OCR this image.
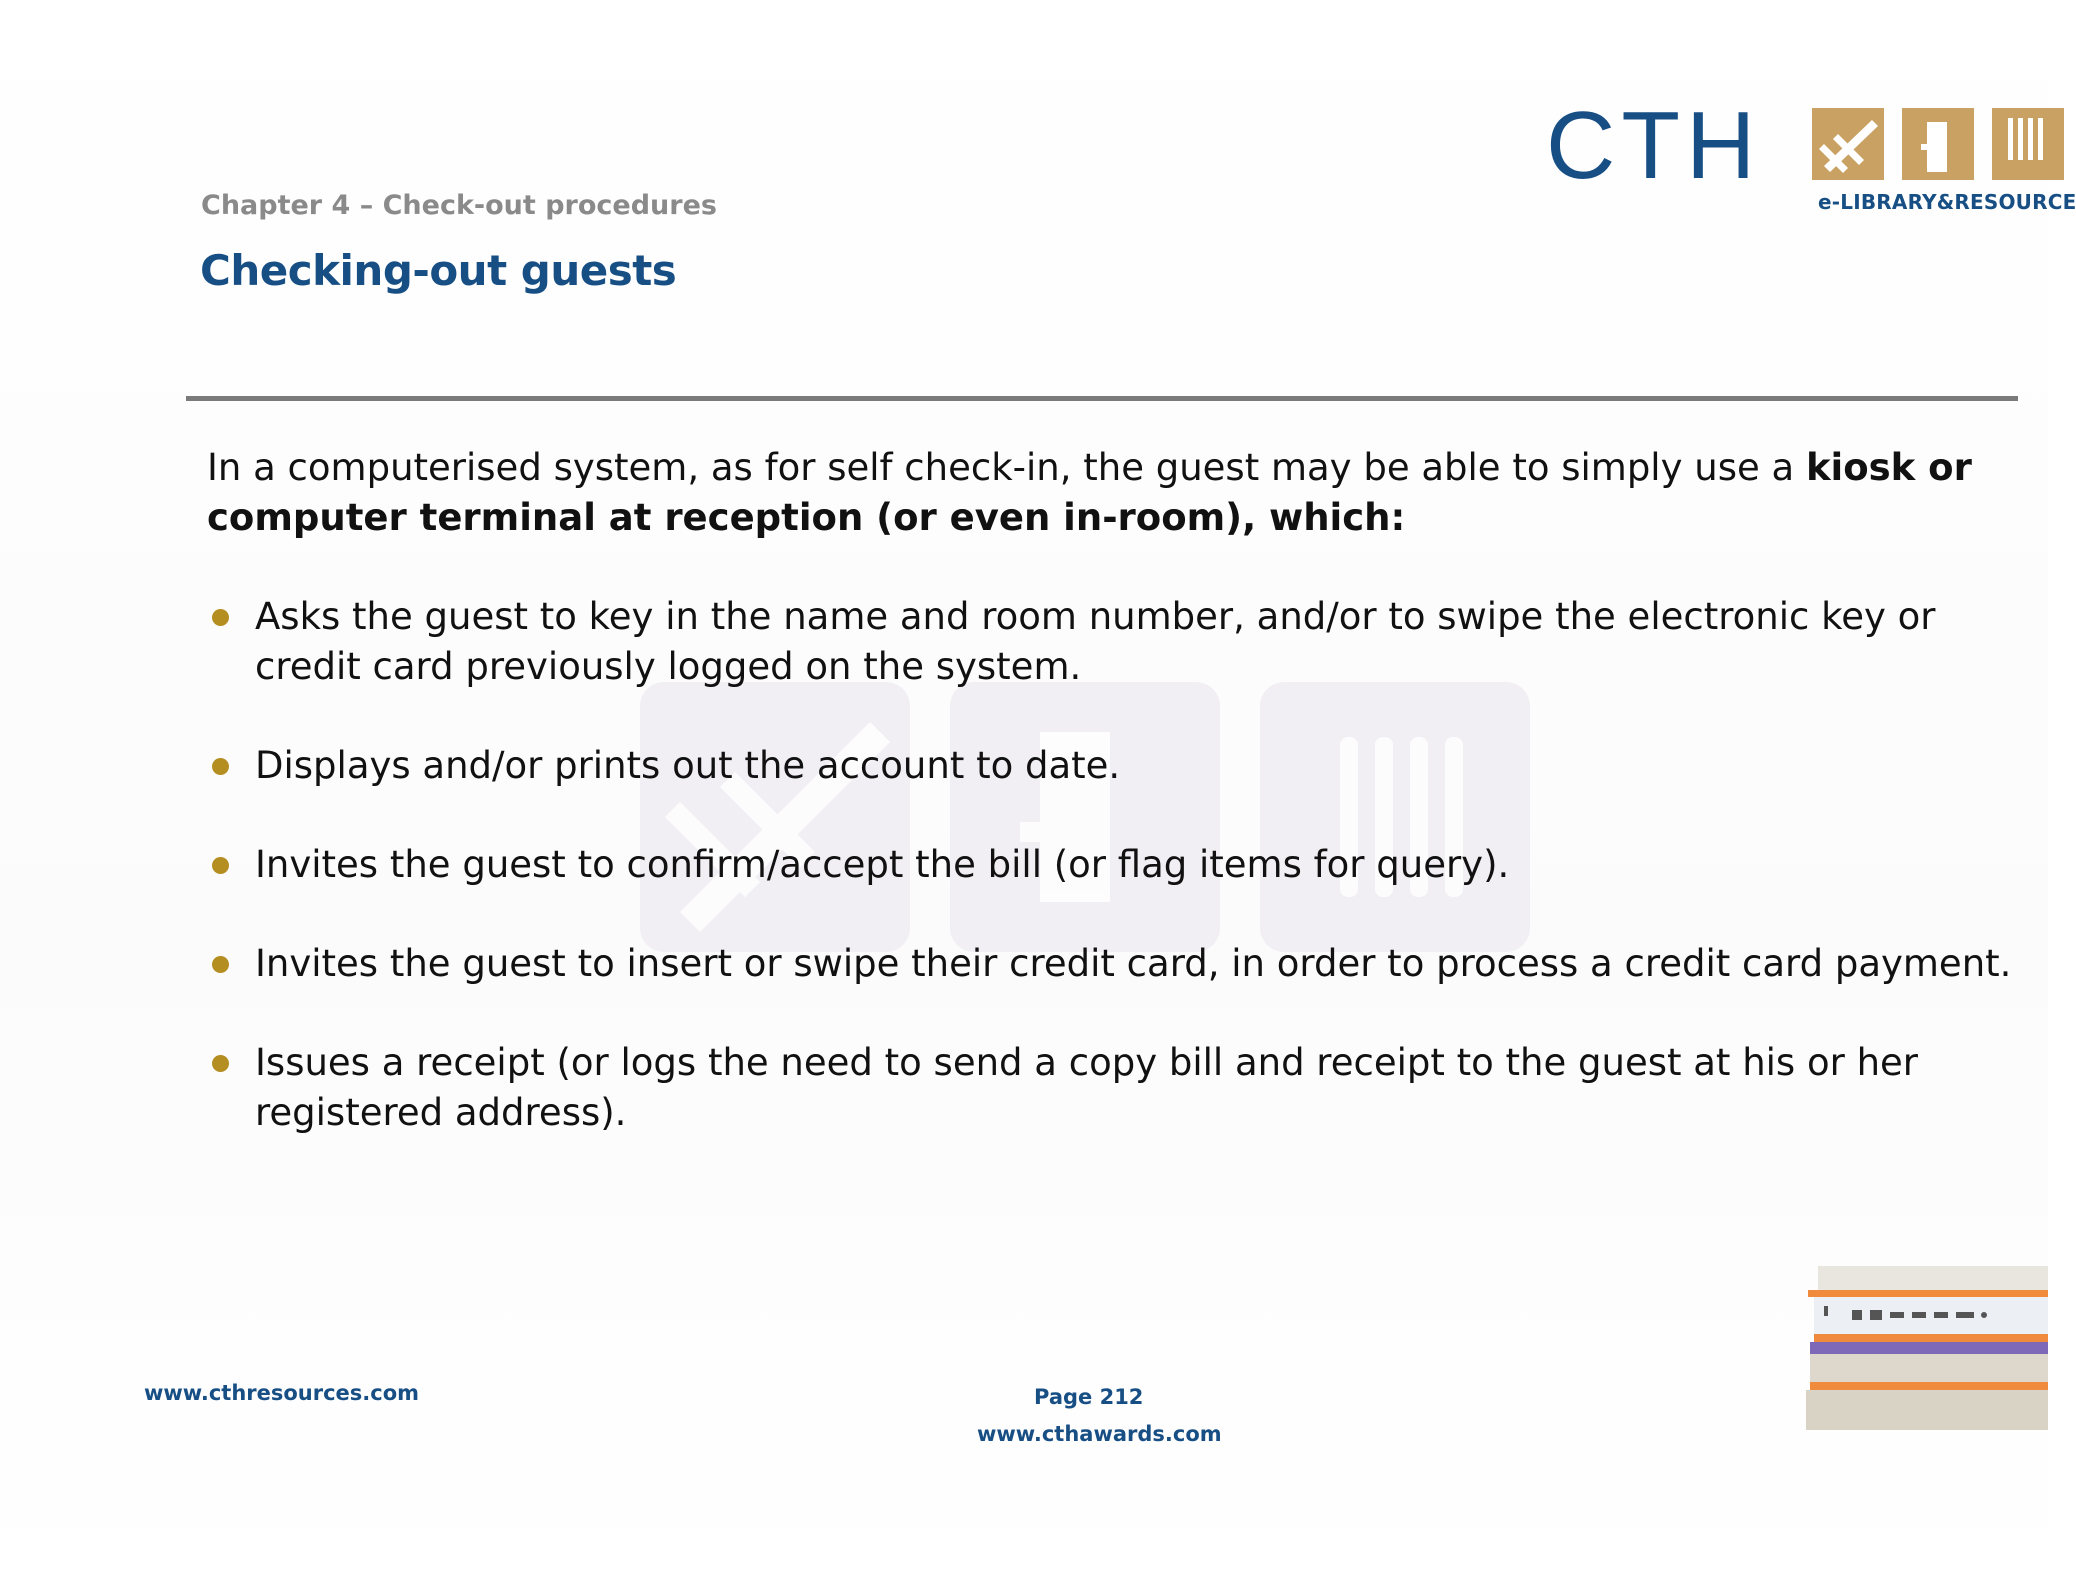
Chapter 4 – Check-out procedures
Checking-out guests
CTH
e-LIBRARY&RESOURCE
In a computerised system, as for self check-in, the guest may be able to simply use a kiosk or computer terminal at reception (or even in-room), which:
Asks the guest to key in the name and room number, and/or to swipe the electronic key or credit card previously logged on the system.
Displays and/or prints out the account to date.
Invites the guest to confirm/accept the bill (or flag items for query).
Invites the guest to insert or swipe their credit card, in order to process a credit card payment.
Issues a receipt (or logs the need to send a copy bill and receipt to the guest at his or her registered address).
www.cthresources.com	Page 212
www.cthawards.com
